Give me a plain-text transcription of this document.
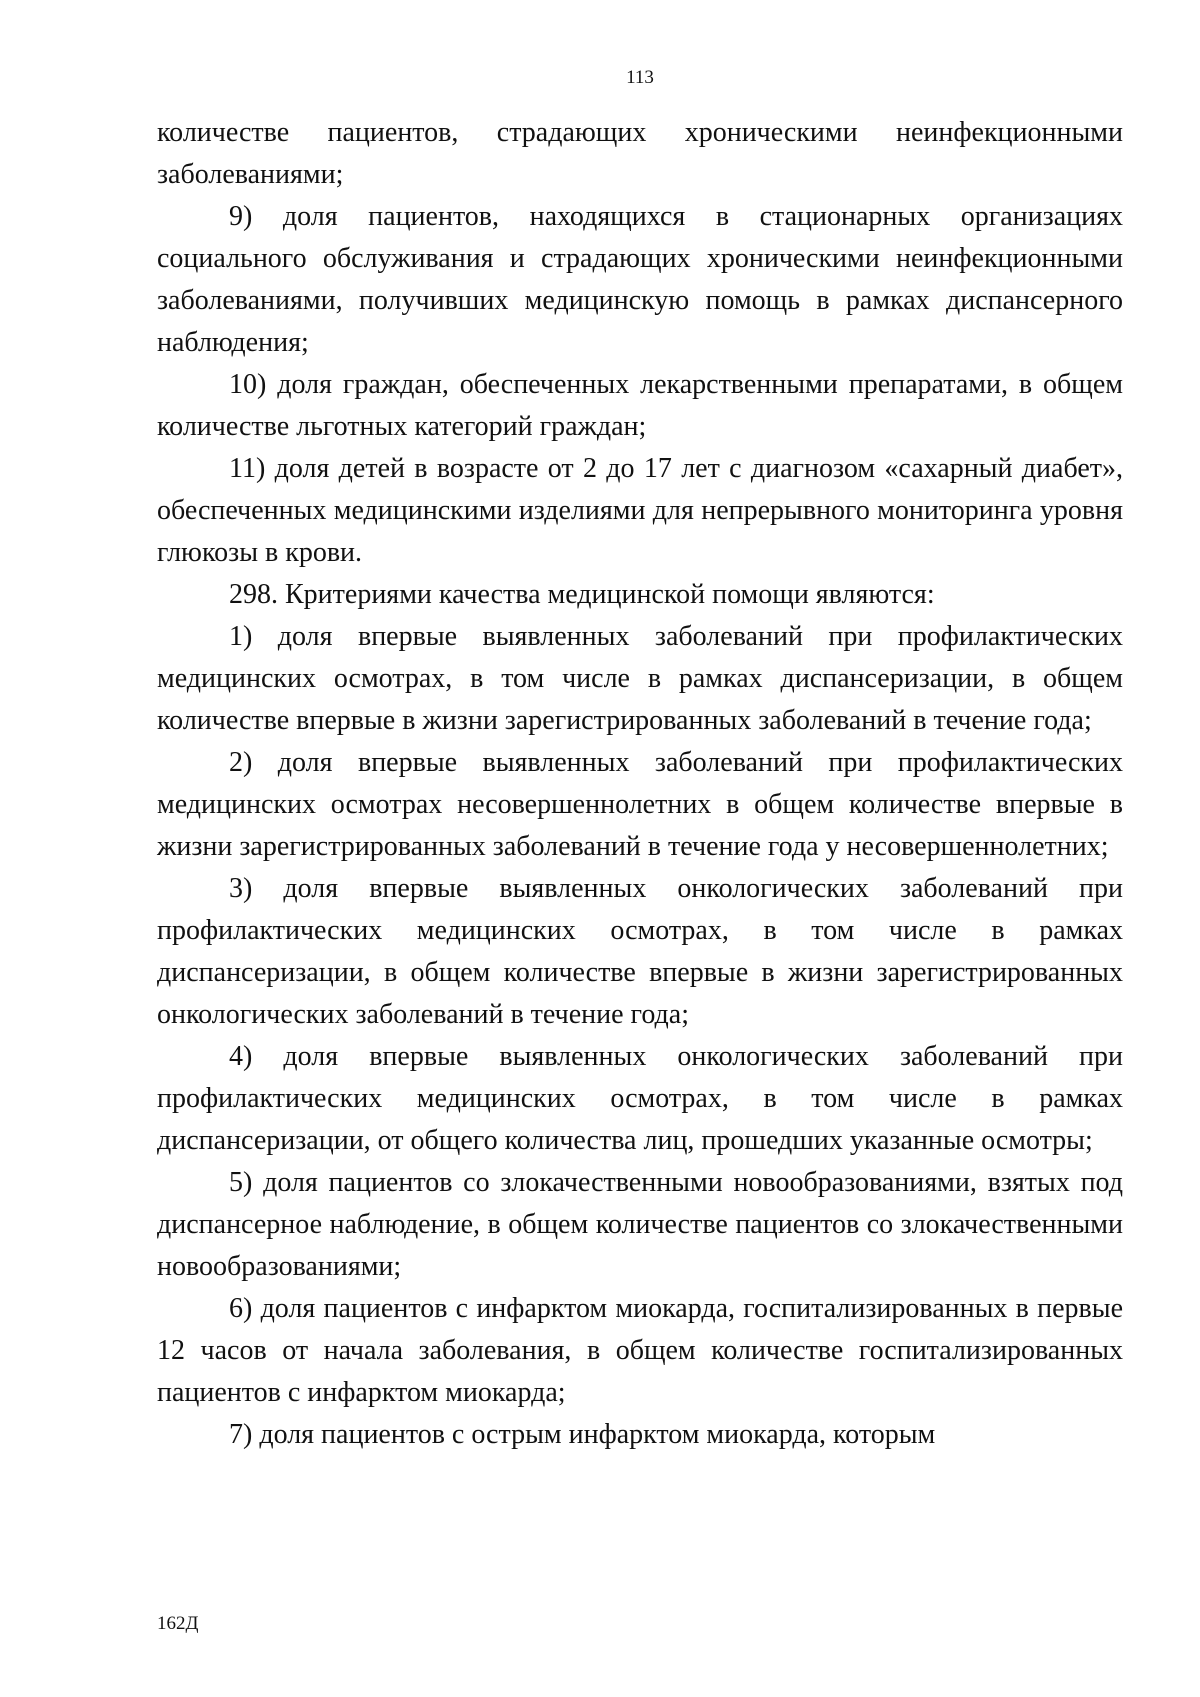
113

количестве пациентов, страдающих хроническими неинфекционными заболеваниями;

9) доля пациентов, находящихся в стационарных организациях социального обслуживания и страдающих хроническими неинфекционными заболеваниями, получивших медицинскую помощь в рамках диспансерного наблюдения;

10) доля граждан, обеспеченных лекарственными препаратами, в общем количестве льготных категорий граждан;

11) доля детей в возрасте от 2 до 17 лет с диагнозом «сахарный диабет», обеспеченных медицинскими изделиями для непрерывного мониторинга уровня глюкозы в крови.

298. Критериями качества медицинской помощи являются:

1) доля впервые выявленных заболеваний при профилактических медицинских осмотрах, в том числе в рамках диспансеризации, в общем количестве впервые в жизни зарегистрированных заболеваний в течение года;

2) доля впервые выявленных заболеваний при профилактических медицинских осмотрах несовершеннолетних в общем количестве впервые в жизни зарегистрированных заболеваний в течение года у несовершеннолетних;

3) доля впервые выявленных онкологических заболеваний при профилактических медицинских осмотрах, в том числе в рамках диспансеризации, в общем количестве впервые в жизни зарегистрированных онкологических заболеваний в течение года;

4) доля впервые выявленных онкологических заболеваний при профилактических медицинских осмотрах, в том числе в рамках диспансеризации, от общего количества лиц, прошедших указанные осмотры;

5) доля пациентов со злокачественными новообразованиями, взятых под диспансерное наблюдение, в общем количестве пациентов со злокачественными новообразованиями;

6) доля пациентов с инфарктом миокарда, госпитализированных в первые 12 часов от начала заболевания, в общем количестве госпитализированных пациентов с инфарктом миокарда;

7) доля пациентов с острым инфарктом миокарда, которым

162Д
